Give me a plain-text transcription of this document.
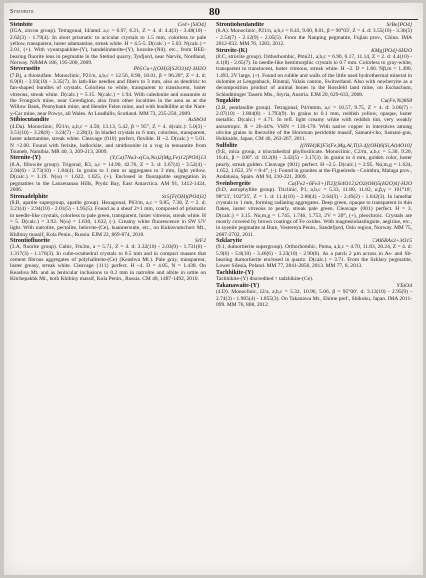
Steinbite	80
Steinbite	Ce4+[SiO4]

(IGA, zircon group). Tetragonal, I4/amd. a,c = 6.97, 6.21, Z = 4. d: 4.4(3) - 3.48(10) - 2.62(3) - 1.79(4). In short prismatic to acicular crystals to 1.5 mm, colorless to pale yellow, transparent, luster adamantine, streak white. H = 4.5-5. D(calc.) = 5.03. N(calc.) = 2.01, (+). With vyuntspakhite-(Y), handelinmerite-(Y), kozoite-(Nd), etc., from REE-bearing fluorite lens in pegmatite in the Stetind quarry, Tysfjord, near Narvik, Nordland, Norway. NJbMA 186, 195-200, 2009.

Steverustite	Pb5Cu+[(OH)3(S2O3)4]·3H2O

(7.Bj, a thiosulfate. Monoclinic, P21/n, a,b,c = 12.56, 8.90, 18.01, β = 96.28°, Z = 4. d: 6.9(8) - 3.93(10) - 3.35(7). In lath-like needles and fibers to 3 mm, also as dendritic to fan-shaped bundles of crystals. Colorless to white, transparent to translucent, luster vitreous, streak white. D(calc.) = 5.15. N(calc.) = 1.94. With caledonite and susannite at the Frongoch mine, near Ceredigion, also from other localities in the area as at the Willow Bank, Pennybank mine, and Hendre Felen mine, and with leadhillite at the Nant-y-Car mine, near Powys, all Wales. At Leadhills, Scotland. MM 73, 235-250, 2009.

Stibiocutandite	AsSbO4

(4.Da). Monoclinic, P21/n, a,b,c = 4.58, 13.13, 5.42, β = 95°, Z = 4. d(calc.): 5.0(3) - 3.51(10) - 3.28(8) - 3.24(7) - 2.28(3). In bladed crystals to 6 mm, colorless, transparent, luster adamantine, streak white. Cleavage {010} perfect, flexible. H ~2. D(calc.) = 5.01. N >2.00. Found with ferisite, ludlockite, and smithsonite in a vug in tennantite from Tsumeb, Namibia. MR 40, 3, 209-213, 2009.

Sternite-(Y)	(Y,Ca)7Na3-x(Ca,Na)2(Mg,Fe)12[PO4]13

(8.A, fillowite group). Trigonal, R3, a,c = 14.90, 42.76, Z = 3. d: 3.67(4) - 3.52(4) - 2.94(6) - 2.73(10) - 1.84(4). In grains to 1 mm or aggregates to 3 mm, light yellow. D(calc.) = 3.19. N(ω) = 1.622, 1.625, (+). Enclosed in fluorapatite segregation in pegmatites in the Lanzenanau Hills, Prydz Bay, East Antarctica. AM 91, 1412-1424, 2006.

Stronadelphite	Sr5[F(OH)(PO4)3]

(8.B, apatite supergroup, apatite group). Hexagonal, P63/m, a,c = 9.85, 7.38, Z = 2. d: 3.21(4) - 2.94(10) - 2.01(5) - 1.95(5). Found as a sheaf 2×1 mm, composed of prismatic to needle-like crystals, colorless to pale green, transparent, luster vitreous, streak white. H = 5. D(calc.) = 3.92. N(ω) = 1.630, 1.632, (-). Creamy white fluorescence in SW UV light. With natrolite, pectolite, belovite-(Ce), kuannersuite, etc., on Kukisvumchorr Mt., Khibiny massif, Kola Penin., Russia. EJM 22, 869-874, 2010.

Strontiofluorite	SrF2

(3.A, fluorite group). Cubic, Fm3m, a = 5.71, Z = 4. d: 3.32(10) - 2.03(9) - 1.731(6) - 1.317(3) - 1.176(3). In cubo-octahedral crystals to 0.5 mm and in compact masses that cement fibrous aggregates of polyhaliteite-(Ce) (Keashva Mt.). Pale gray, transparent, luster greasy, streak white. Cleavage {111} perfect. H ~4. D = 4.05, N = 1.438. On Keashva Mt. and as lenticular inclusions to 0.2 mm in natrolite and albite in urtite on Kitchepakhk Mt., both Khibiny massif, Kola Penin., Russia. CM 48, 1487-1492, 2010.

Strontioheulandite	SrBe[PO4]

(8.A). Monoclinic, P21/n, a,b,c = 8.43, 9.00, 8.01, β = 90°03', Z = 4. d: 3.55(10) - 3.36(5) - 2.54(7) - 2.12(9) - 2.05(5). From the Nanping pegmatite, Fujian prov., China. IMA 2012-032. MM 76, 1283, 2012.

Struvite-(K)	KMg[PO4]·6H2O

(8.C, struvite group). Orthorhombic, Pmn21, a,b,c = 6.90, 6.17, 11.14, Z = 2. d: 4.4(10) - 4.1(8) - 2.65(7). In needle-like hemimorphic crystals to 0.7 mm. Colorless to gray-white, transparent to translucent, luster vitreous, streak white. H ~2. D = 1.86. Nβ,m = 1.490, 1.493, 2V large, (+). Found on rubble and walls of the little used hydrothermal mineral in dolomite at Lengenbach, Binntal, Valais canton, Switzerland. Also with newberyite as a decomposition product of animal bones in the Rossfeld land mine, on Eschachum, Schladminger Tauern Mts., Styria, Austria. EJM 20, 629-633, 2008.

Sugakiite	Cu(Fe,Ni)8S8

(2.B, pentlandite group). Tetragonal, P4/mmm, a,c = 10.57, 9.75, Z = 4. d: 3.06(7) - 2.07(10) - 1.804(8) - 1.793(9). In grains to 0.1 mm, reddish yellow, opaque, luster metallic. D(calc.) = 4.71. In refl. light creamy white with reddish tint, very weakly anisotropic. R = 26-44%. VHN = 130-170. With native copper in interstices among olivine grains in lherzolite of the Horoman peridotite massif, Samani-cho, Samani-gun, Hokkaido, Japan. CM 46, 263-267, 2011.

Sulfolite	[(NH4)K]F3(Fe,Mg,Al,Ti)3.4[(OH)6(Si,Al)4O10]

(9.E, mica group, a trioctahedral phyllosilicate. Monoclinic, C2/m, a,b,c = 5.30, 9.20, 10.41, β = 100°. d: 10.2(8) - 3.42(5) - 3.17(3). In grains to 4 mm, golden color, luster pearly, streak golden. Cleavage {001} perfect. H ~2.5. D(calc.) = 2.95. Nα,m,g = 1.624, 1.652, 1.652, 2V = 0-4°, (-). Found in granites at the Figueiredo - Coimbra, Malaga prov., Andalusia, Spain. AM 94, 210-221, 2009.

Sveinbergeite	Ca(Fe2+6Fe3+)Ti2[(Si4O12)2O2(OH)5(H2O)4]·H2O

(9.D, astrophyllite group). Triclinic, P1, a,b,c = 5.33, 11.80, 11.82, α,β,γ = 101°18', 98°13', 102°25', Z = 1. d: 11.4(10) - 2.88(4) - 2.64(3) - 2.49(2) - 1.642(3). In lamellar crystals to 1 mm, forming radiating aggregates. Deep green, opaque to transparent in thin flakes, luster vitreous to pearly, streak pale green. Cleavage {001} perfect. H = 3. D(calc.) = 3.15. Nα,m,g = 1.745, 1.746, 1.753, 2V = 20°, (+), pleochroic. Crystals are mostly covered by brown coatings of Fe oxides. With magnesiohastingsite, aegirine, etc., in syenite pegmatite at Bure, Vestereya Penin., Sandefjord, Oslo region, Norway. MM 75, 2687-2702, 2011.

Szklaryite	□Al6BAs3+3O15

(9.1, dumortierite supergroup). Orthorhombic, Pnma, a,b,c = 4.70, 11.83, 20.24, Z = 4. d: 5.9(6) - 5.8(10) - 3.46(6) - 3.23(10) - 2.90(6). As a patch 2 μm across in As- and Sb-bearing dumortierite enclosed in quartz. D(calc.) = 3.71. From the Szklary pegmatite, Lower Silesia, Poland. MM 77, 2841-2856, 2013. MM 77, 8, 2013.

Tachhikite-(Y)

Tachhikite-(Y) discredited ↑ tadzhikite-(Ce).

Takanawaite-(Y)	YTaO4

(4.D). Monoclinic, I2/a, a,b,c = 5.32, 10.96, 5.06, β = 95°00'. d: 3.13(10) - 2.95(9) - 2.74(3) - 1.905(4) - 1.855(3). On Takanawa Mt., Ehime pref., Shikoku, Japan. IMA 2011-099. MM 76, 808, 2012.
